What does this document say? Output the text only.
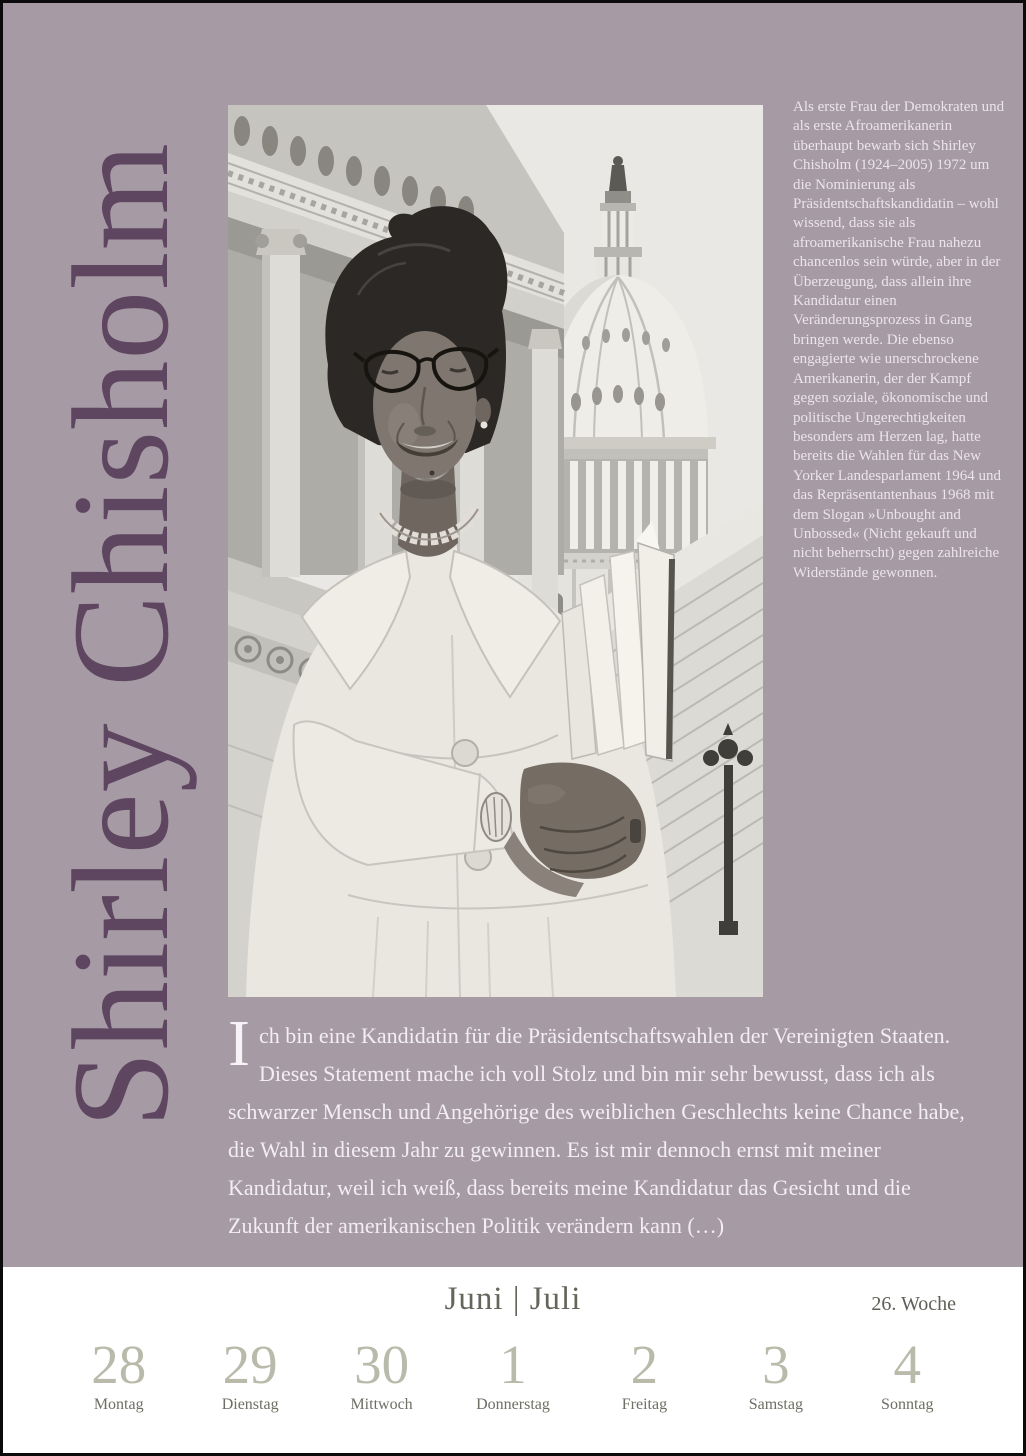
Shirley Chisholm
Als erste Frau der Demokraten und als erste Afroamerikanerin überhaupt bewarb sich Shirley Chisholm (1924–2005) 1972 um die Nominierung als Präsidentschaftskandidatin – wohl wissend, dass sie als afroamerikanische Frau nahezu chancenlos sein würde, aber in der Überzeugung, dass allein ihre Kandidatur einen Veränderungsprozess in Gang bringen werde. Die ebenso engagierte wie unerschrockene Amerikanerin, der der Kampf gegen soziale, ökonomische und politische Ungerechtigkeiten besonders am Herzen lag, hatte bereits die Wahlen für das New Yorker Landesparlament 1964 und das Repräsentantenhaus 1968 mit dem Slogan »Unbought and Unbossed« (Nicht gekauft und nicht beherrscht) gegen zahlreiche Widerstände gewonnen.
Ich bin eine Kandidatin für die Präsidentschaftswahlen der Vereinigten Staaten. Dieses Statement mache ich voll Stolz und bin mir sehr bewusst, dass ich als schwarzer Mensch und Angehörige des weiblichen Geschlechts keine Chance habe, die Wahl in diesem Jahr zu gewinnen. Es ist mir dennoch ernst mit meiner Kandidatur, weil ich weiß, dass bereits meine Kandidatur das Gesicht und die Zukunft der amerikanischen Politik verändern kann (…)
Juni | Juli	26. Woche
28
Montag
29
Dienstag
30
Mittwoch
1
Donnerstag
2
Freitag
3
Samstag
4
Sonntag
